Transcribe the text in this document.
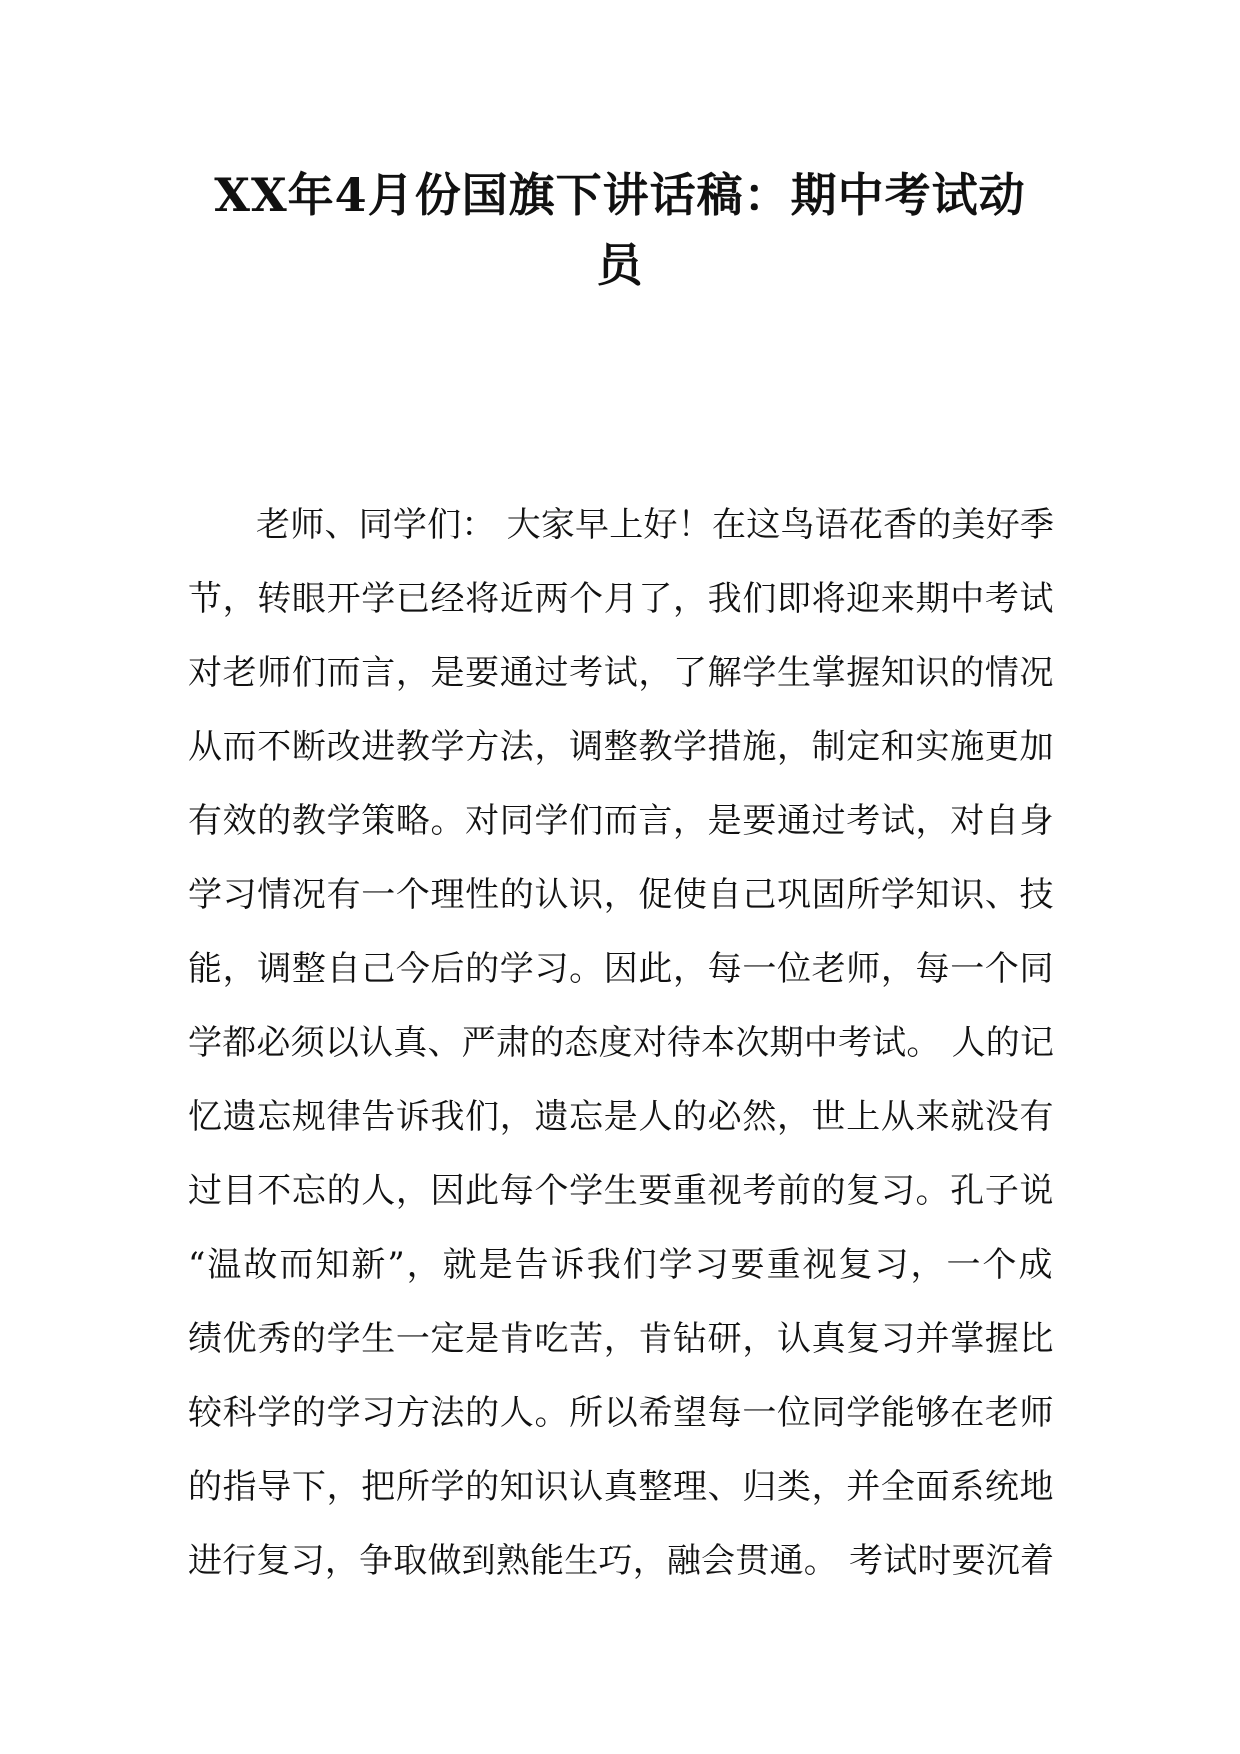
XX年4月份国旗下讲话稿：期中考试动
员
老师、同学们： 大家早上好！在这鸟语花香的美好季
节，转眼开学已经将近两个月了，我们即将迎来期中考试
对老师们而言，是要通过考试，了解学生掌握知识的情况
从而不断改进教学方法，调整教学措施，制定和实施更加
有效的教学策略。对同学们而言，是要通过考试，对自身
学习情况有一个理性的认识，促使自己巩固所学知识、技
能，调整自己今后的学习。因此，每一位老师，每一个同
学都必须以认真、严肃的态度对待本次期中考试。 人的记
忆遗忘规律告诉我们，遗忘是人的必然，世上从来就没有
过目不忘的人，因此每个学生要重视考前的复习。孔子说
“温故而知新”，就是告诉我们学习要重视复习，一个成
绩优秀的学生一定是肯吃苦，肯钻研，认真复习并掌握比
较科学的学习方法的人。所以希望每一位同学能够在老师
的指导下，把所学的知识认真整理、归类，并全面系统地
进行复习，争取做到熟能生巧，融会贯通。 考试时要沉着
